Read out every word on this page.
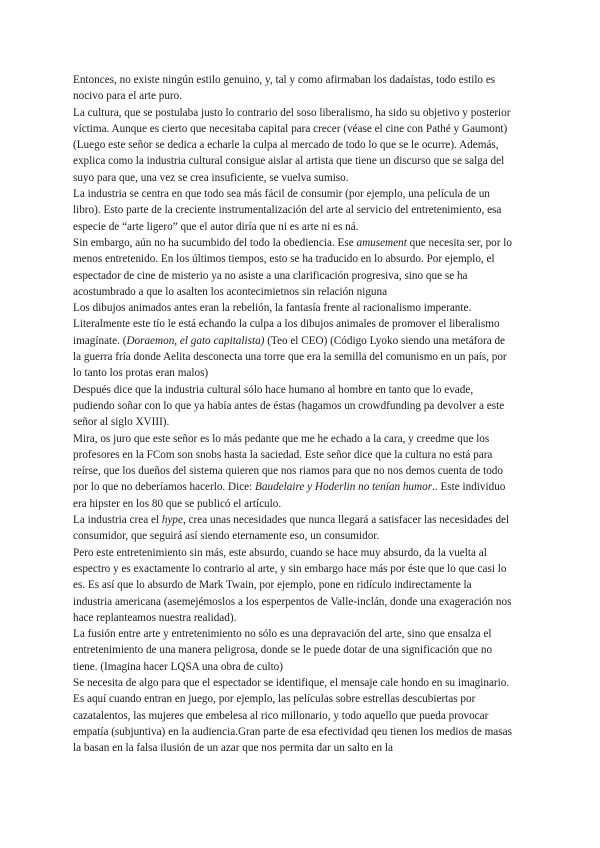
Entonces, no existe ningún estilo genuino, y, tal y como afirmaban los dadaístas, todo estilo es nocivo para el arte puro.

La cultura, que se postulaba justo lo contrario del soso liberalismo, ha sido su objetivo y posterior víctima. Aunque es cierto que necesitaba capital para crecer (véase el cine con Pathé y Gaumont) (Luego este señor se dedica a echarle la culpa al mercado de todo lo que se le ocurre). Además, explica como la industria cultural consigue aislar al artista que tiene un discurso que se salga del suyo para que, una vez se crea insuficiente, se vuelva sumiso.

La industria se centra en que todo sea más fácil de consumir (por ejemplo, una película de un libro). Esto parte de la creciente instrumentalización del arte al servicio del entretenimiento, esa especie de “arte ligero” que el autor diría que ni es arte ni es ná.

Sin embargo, aún no ha sucumbido del todo la obediencia. Ese amusement que necesita ser, por lo menos entretenido. En los últimos tiempos, esto se ha traducido en lo absurdo. Por ejemplo, el espectador de cine de misterio ya no asiste a una clarificación progresiva, sino que se ha acostumbrado a que lo asalten los acontecimietnos sin relación niguna

Los dibujos animados antes eran la rebelión, la fantasía frente al racionalismo imperante.

Literalmente este tío le está echando la culpa a los dibujos animales de promover el liberalismo imagínate. (Doraemon, el gato capitalista) (Teo el CEO) (Código Lyoko siendo una metáfora de la guerra fría donde Aelita desconecta una torre que era la semilla del comunismo en un país, por lo tanto los protas eran malos)

Después dice que la industria cultural sólo hace humano al hombre en tanto que lo evade, pudiendo soñar con lo que ya había antes de éstas (hagamos un crowdfunding pa devolver a este señor al siglo XVIII).

Mira, os juro que este señor es lo más pedante que me he echado a la cara, y creedme que los profesores en la FCom son snobs hasta la saciedad. Este señor dice que la cultura no está para reírse, que los dueños del sistema quieren que nos riamos para que no nos demos cuenta de todo por lo que no deberíamos hacerlo. Dice: Baudelaire y Hoderlin no tenían humor.. Este individuo era hipster en los 80 que se publicó el artículo.

La industria crea el hype, crea unas necesidades que nunca llegará a satisfacer las necesidades del consumidor, que seguirá así siendo eternamente eso, un consumidor.

Pero este entretenimiento sin más, este absurdo, cuando se hace muy absurdo, da la vuelta al espectro y es exactamente lo contrario al arte, y sin embargo hace más por éste que lo que casi lo es. Es así que lo absurdo de Mark Twain, por ejemplo, pone en ridículo indirectamente la industria americana (asemejémoslos a los esperpentos de Valle-inclán, donde una exageración nos hace replanteamos nuestra realidad).

La fusión entre arte y entretenimiento no sólo es una depravación del arte, sino que ensalza el entretenimiento de una manera peligrosa, donde se le puede dotar de una significación que no tiene. (Imagina hacer LQSA una obra de culto)

Se necesita de algo para que el espectador se identifique, el mensaje cale hondo en su imaginario. Es aquí cuando entran en juego, por ejemplo, las películas sobre estrellas descubiertas por cazatalentos, las mujeres que embelesa al rico millonario, y todo aquello que pueda provocar empatía (subjuntiva) en la audiencia.Gran parte de esa efectividad qeu tienen los medios de masas la basan en la falsa ilusión de un azar que nos permita dar un salto en la
